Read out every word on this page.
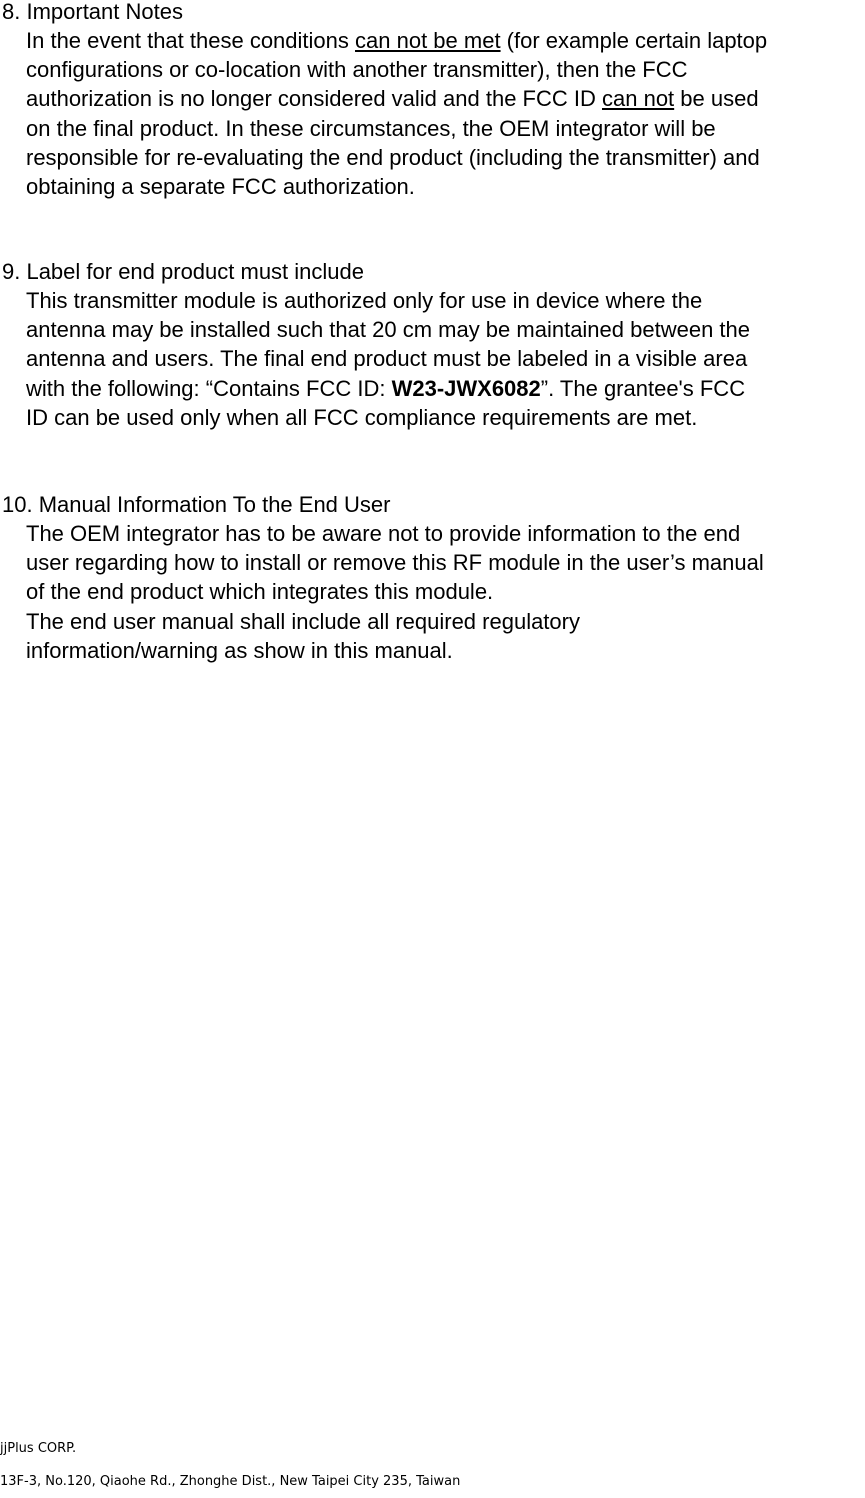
8. Important Notes

In the event that these conditions can not be met (for example certain laptop
configurations or co-location with another transmitter), then the FCC
authorization is no longer considered valid and the FCC ID can not be used
on the final product. In these circumstances, the OEM integrator will be
responsible for re-evaluating the end product (including the transmitter) and
obtaining a separate FCC authorization.

9. Label for end product must include

This transmitter module is authorized only for use in device where the
antenna may be installed such that 20 cm may be maintained between the
antenna and users. The final end product must be labeled in a visible area
with the following: “Contains FCC ID: W23-JWX6082”. The grantee's FCC
ID can be used only when all FCC compliance requirements are met.

10. Manual Information To the End User

The OEM integrator has to be aware not to provide information to the end
user regarding how to install or remove this RF module in the user’s manual
of the end product which integrates this module.
The end user manual shall include all required regulatory
information/warning as show in this manual.

jjPlus CORP.
13F-3, No.120, Qiaohe Rd., Zhonghe Dist., New Taipei City 235, Taiwan
